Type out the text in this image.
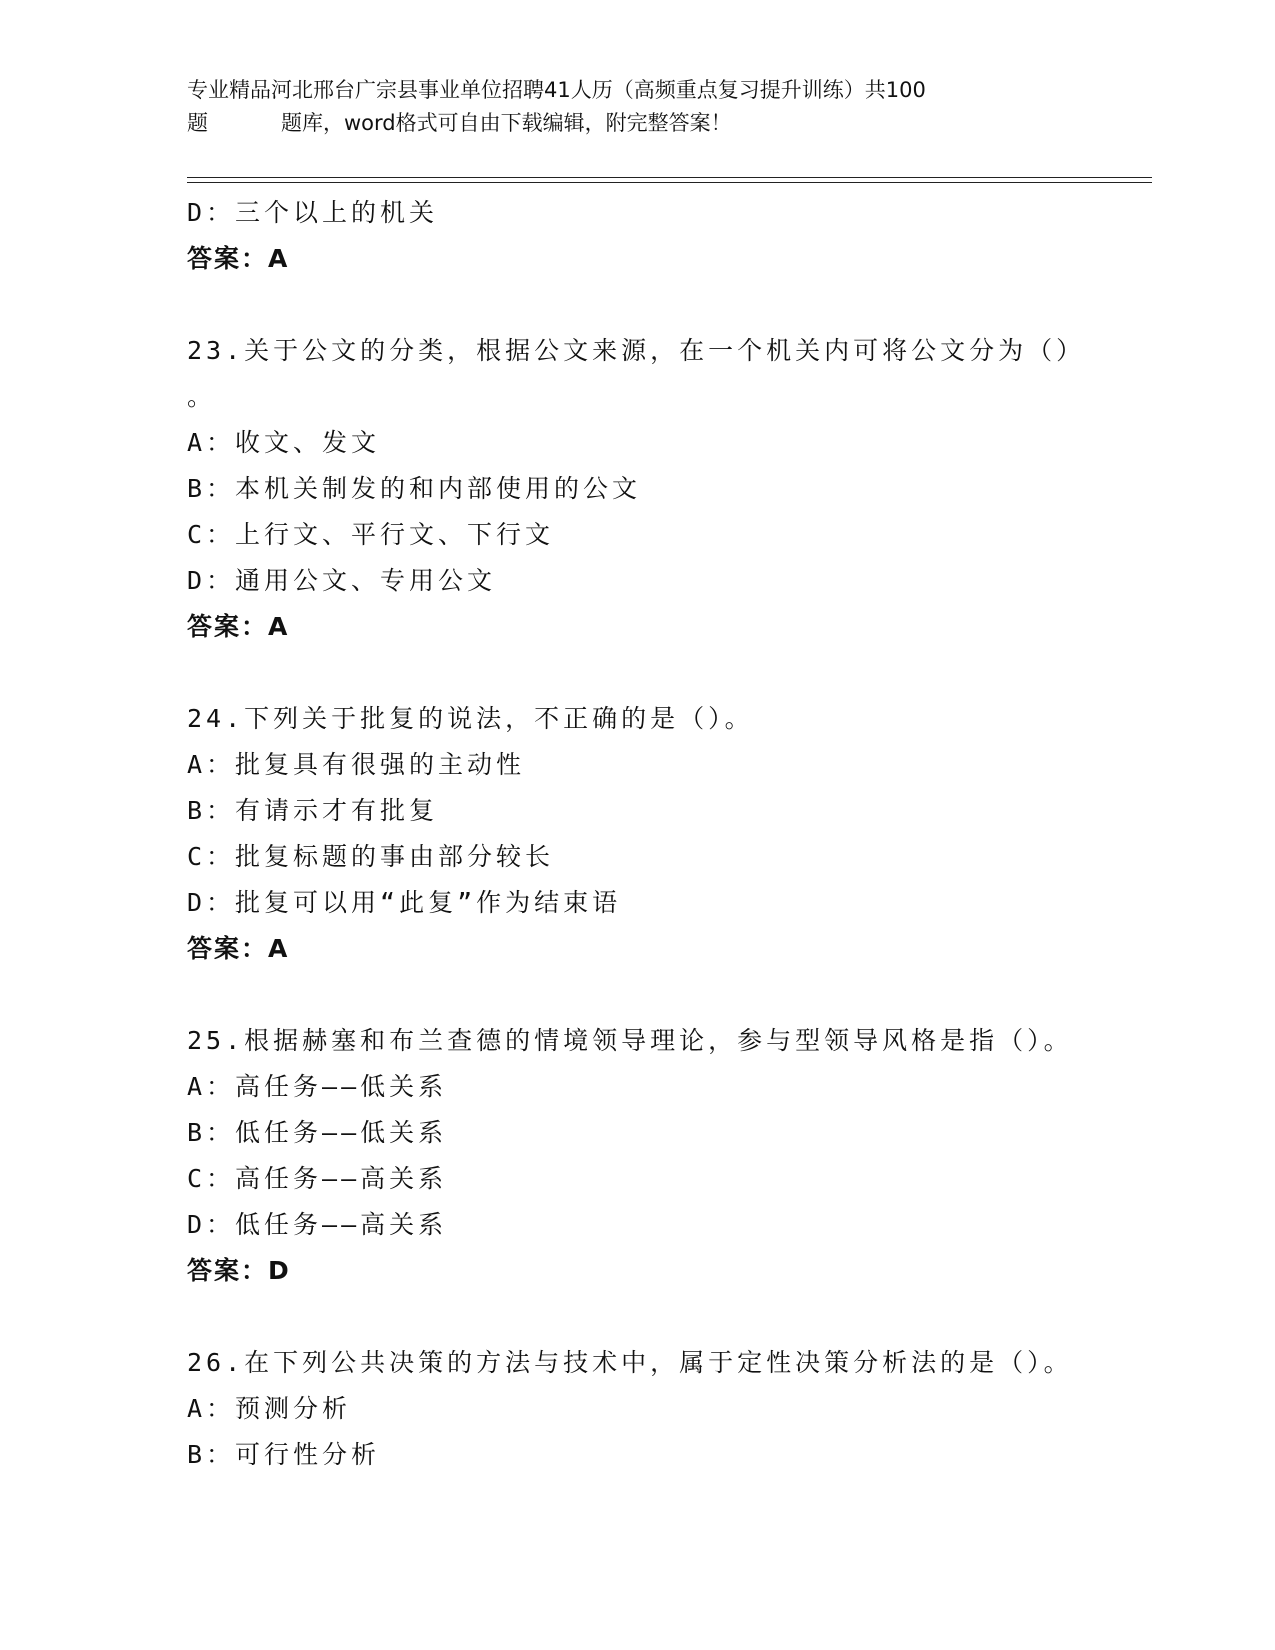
专业精品河北邢台广宗县事业单位招聘41人历（高频重点复习提升训练）共100
题	题库，word格式可自由下载编辑，附完整答案！
D：三个以上的机关
答案：A
23.关于公文的分类，根据公文来源，在一个机关内可将公文分为（）
。
A：收文、发文
B：本机关制发的和内部使用的公文
C：上行文、平行文、下行文
D：通用公文、专用公文
答案：A
24.下列关于批复的说法，不正确的是（）。
A：批复具有很强的主动性
B：有请示才有批复
C：批复标题的事由部分较长
D：批复可以用“此复”作为结束语
答案：A
25.根据赫塞和布兰查德的情境领导理论，参与型领导风格是指（）。
A：高任务——低关系
B：低任务——低关系
C：高任务——高关系
D：低任务——高关系
答案：D
26.在下列公共决策的方法与技术中，属于定性决策分析法的是（）。
A：预测分析
B：可行性分析
